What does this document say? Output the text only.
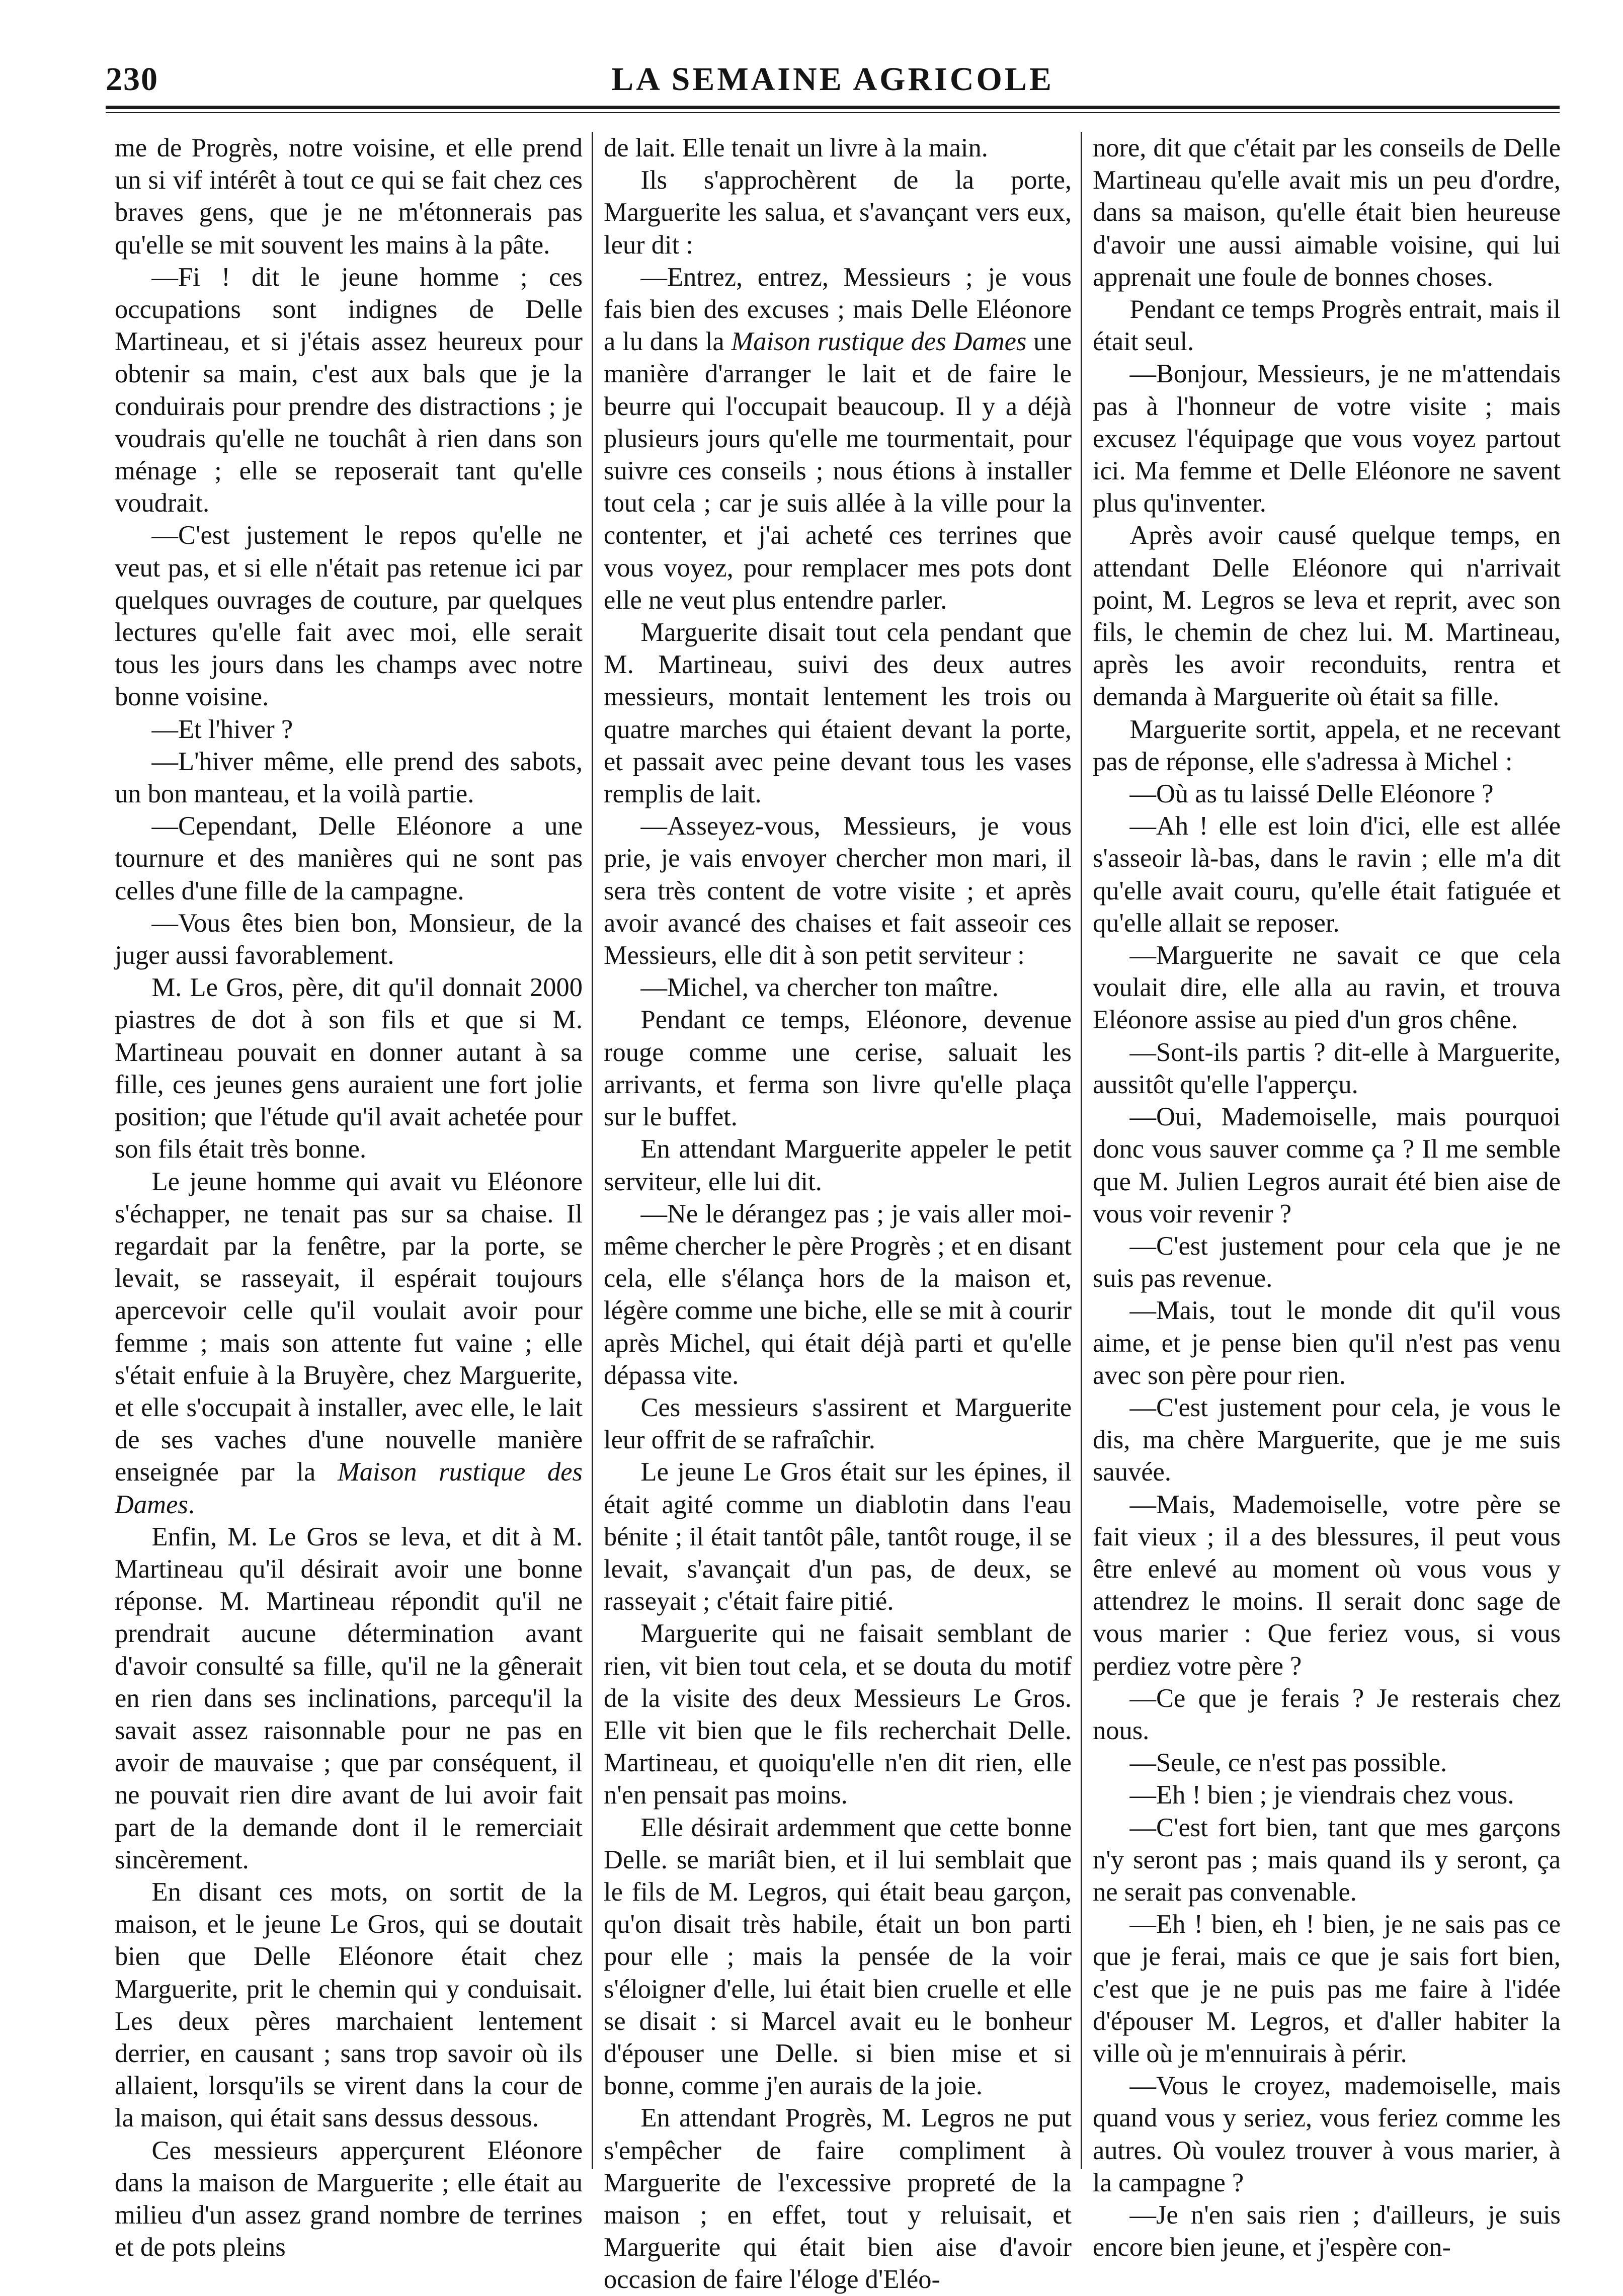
230	LA SEMAINE AGRICOLE

me de Progrès, notre voisine, et elle prend un si vif intérêt à tout ce qui se fait chez ces braves gens, que je ne m'étonnerais pas qu'elle se mit souvent les mains à la pâte.

—Fi ! dit le jeune homme ; ces occupations sont indignes de Delle Martineau, et si j'étais assez heureux pour obtenir sa main, c'est aux bals que je la conduirais pour prendre des distractions ; je voudrais qu'elle ne touchât à rien dans son ménage ; elle se reposerait tant qu'elle voudrait.

—C'est justement le repos qu'elle ne veut pas, et si elle n'était pas retenue ici par quelques ouvrages de couture, par quelques lectures qu'elle fait avec moi, elle serait tous les jours dans les champs avec notre bonne voisine.

—Et l'hiver ?

—L'hiver même, elle prend des sabots, un bon manteau, et la voilà partie.

—Cependant, Delle Eléonore a une tournure et des manières qui ne sont pas celles d'une fille de la campagne.

—Vous êtes bien bon, Monsieur, de la juger aussi favorablement.

M. Le Gros, père, dit qu'il donnait 2000 piastres de dot à son fils et que si M. Martineau pouvait en donner autant à sa fille, ces jeunes gens auraient une fort jolie position; que l'étude qu'il avait achetée pour son fils était très bonne.

Le jeune homme qui avait vu Eléonore s'échapper, ne tenait pas sur sa chaise. Il regardait par la fenêtre, par la porte, se levait, se rasseyait, il espérait toujours apercevoir celle qu'il voulait avoir pour femme ; mais son attente fut vaine ; elle s'était enfuie à la Bruyère, chez Marguerite, et elle s'occupait à installer, avec elle, le lait de ses vaches d'une nouvelle manière enseignée par la Maison rustique des Dames.

Enfin, M. Le Gros se leva, et dit à M. Martineau qu'il désirait avoir une bonne réponse. M. Martineau répondit qu'il ne prendrait aucune détermination avant d'avoir consulté sa fille, qu'il ne la gênerait en rien dans ses inclinations, parcequ'il la savait assez raisonnable pour ne pas en avoir de mauvaise ; que par conséquent, il ne pouvait rien dire avant de lui avoir fait part de la demande dont il le remerciait sincèrement.

En disant ces mots, on sortit de la maison, et le jeune Le Gros, qui se doutait bien que Delle Eléonore était chez Marguerite, prit le chemin qui y conduisait. Les deux pères marchaient lentement derrier, en causant ; sans trop savoir où ils allaient, lorsqu'ils se virent dans la cour de la maison, qui était sans dessus dessous.

Ces messieurs apperçurent Eléonore dans la maison de Marguerite ; elle était au milieu d'un assez grand nombre de terrines et de pots pleins

de lait. Elle tenait un livre à la main.

Ils s'approchèrent de la porte, Marguerite les salua, et s'avançant vers eux, leur dit :

—Entrez, entrez, Messieurs ; je vous fais bien des excuses ; mais Delle Eléonore a lu dans la Maison rustique des Dames une manière d'arranger le lait et de faire le beurre qui l'occupait beaucoup. Il y a déjà plusieurs jours qu'elle me tourmentait, pour suivre ces conseils ; nous étions à installer tout cela ; car je suis allée à la ville pour la contenter, et j'ai acheté ces terrines que vous voyez, pour remplacer mes pots dont elle ne veut plus entendre parler.

Marguerite disait tout cela pendant que M. Martineau, suivi des deux autres messieurs, montait lentement les trois ou quatre marches qui étaient devant la porte, et passait avec peine devant tous les vases remplis de lait.

—Asseyez-vous, Messieurs, je vous prie, je vais envoyer chercher mon mari, il sera très content de votre visite ; et après avoir avancé des chaises et fait asseoir ces Messieurs, elle dit à son petit serviteur :

—Michel, va chercher ton maître.

Pendant ce temps, Eléonore, devenue rouge comme une cerise, saluait les arrivants, et ferma son livre qu'elle plaça sur le buffet.

En attendant Marguerite appeler le petit serviteur, elle lui dit.

—Ne le dérangez pas ; je vais aller moi-même chercher le père Progrès ; et en disant cela, elle s'élança hors de la maison et, légère comme une biche, elle se mit à courir après Michel, qui était déjà parti et qu'elle dépassa vite.

Ces messieurs s'assirent et Marguerite leur offrit de se rafraîchir.

Le jeune Le Gros était sur les épines, il était agité comme un diablotin dans l'eau bénite ; il était tantôt pâle, tantôt rouge, il se levait, s'avançait d'un pas, de deux, se rasseyait ; c'était faire pitié.

Marguerite qui ne faisait semblant de rien, vit bien tout cela, et se douta du motif de la visite des deux Messieurs Le Gros. Elle vit bien que le fils recherchait Delle. Martineau, et quoiqu'elle n'en dit rien, elle n'en pensait pas moins.

Elle désirait ardemment que cette bonne Delle. se mariât bien, et il lui semblait que le fils de M. Legros, qui était beau garçon, qu'on disait très habile, était un bon parti pour elle ; mais la pensée de la voir s'éloigner d'elle, lui était bien cruelle et elle se disait : si Marcel avait eu le bonheur d'épouser une Delle. si bien mise et si bonne, comme j'en aurais de la joie.

En attendant Progrès, M. Legros ne put s'empêcher de faire compliment à Marguerite de l'excessive propreté de la maison ; en effet, tout y reluisait, et Marguerite qui était bien aise d'avoir occasion de faire l'éloge d'Eléo-

nore, dit que c'était par les conseils de Delle Martineau qu'elle avait mis un peu d'ordre, dans sa maison, qu'elle était bien heureuse d'avoir une aussi aimable voisine, qui lui apprenait une foule de bonnes choses.

Pendant ce temps Progrès entrait, mais il était seul.

—Bonjour, Messieurs, je ne m'attendais pas à l'honneur de votre visite ; mais excusez l'équipage que vous voyez partout ici. Ma femme et Delle Eléonore ne savent plus qu'inventer.

Après avoir causé quelque temps, en attendant Delle Eléonore qui n'arrivait point, M. Legros se leva et reprit, avec son fils, le chemin de chez lui. M. Martineau, après les avoir reconduits, rentra et demanda à Marguerite où était sa fille.

Marguerite sortit, appela, et ne recevant pas de réponse, elle s'adressa à Michel :

—Où as tu laissé Delle Eléonore ?

—Ah ! elle est loin d'ici, elle est allée s'asseoir là-bas, dans le ravin ; elle m'a dit qu'elle avait couru, qu'elle était fatiguée et qu'elle allait se reposer.

—Marguerite ne savait ce que cela voulait dire, elle alla au ravin, et trouva Eléonore assise au pied d'un gros chêne.

—Sont-ils partis ? dit-elle à Marguerite, aussitôt qu'elle l'apperçu.

—Oui, Mademoiselle, mais pourquoi donc vous sauver comme ça ? Il me semble que M. Julien Legros aurait été bien aise de vous voir revenir ?

—C'est justement pour cela que je ne suis pas revenue.

—Mais, tout le monde dit qu'il vous aime, et je pense bien qu'il n'est pas venu avec son père pour rien.

—C'est justement pour cela, je vous le dis, ma chère Marguerite, que je me suis sauvée.

—Mais, Mademoiselle, votre père se fait vieux ; il a des blessures, il peut vous être enlevé au moment où vous vous y attendrez le moins. Il serait donc sage de vous marier : Que feriez vous, si vous perdiez votre père ?

—Ce que je ferais ? Je resterais chez nous.

—Seule, ce n'est pas possible.

—Eh ! bien ; je viendrais chez vous.

—C'est fort bien, tant que mes garçons n'y seront pas ; mais quand ils y seront, ça ne serait pas convenable.

—Eh ! bien, eh ! bien, je ne sais pas ce que je ferai, mais ce que je sais fort bien, c'est que je ne puis pas me faire à l'idée d'épouser M. Legros, et d'aller habiter la ville où je m'ennuirais à périr.

—Vous le croyez, mademoiselle, mais quand vous y seriez, vous feriez comme les autres. Où voulez trouver à vous marier, à la campagne ?

—Je n'en sais rien ; d'ailleurs, je suis encore bien jeune, et j'espère con-
